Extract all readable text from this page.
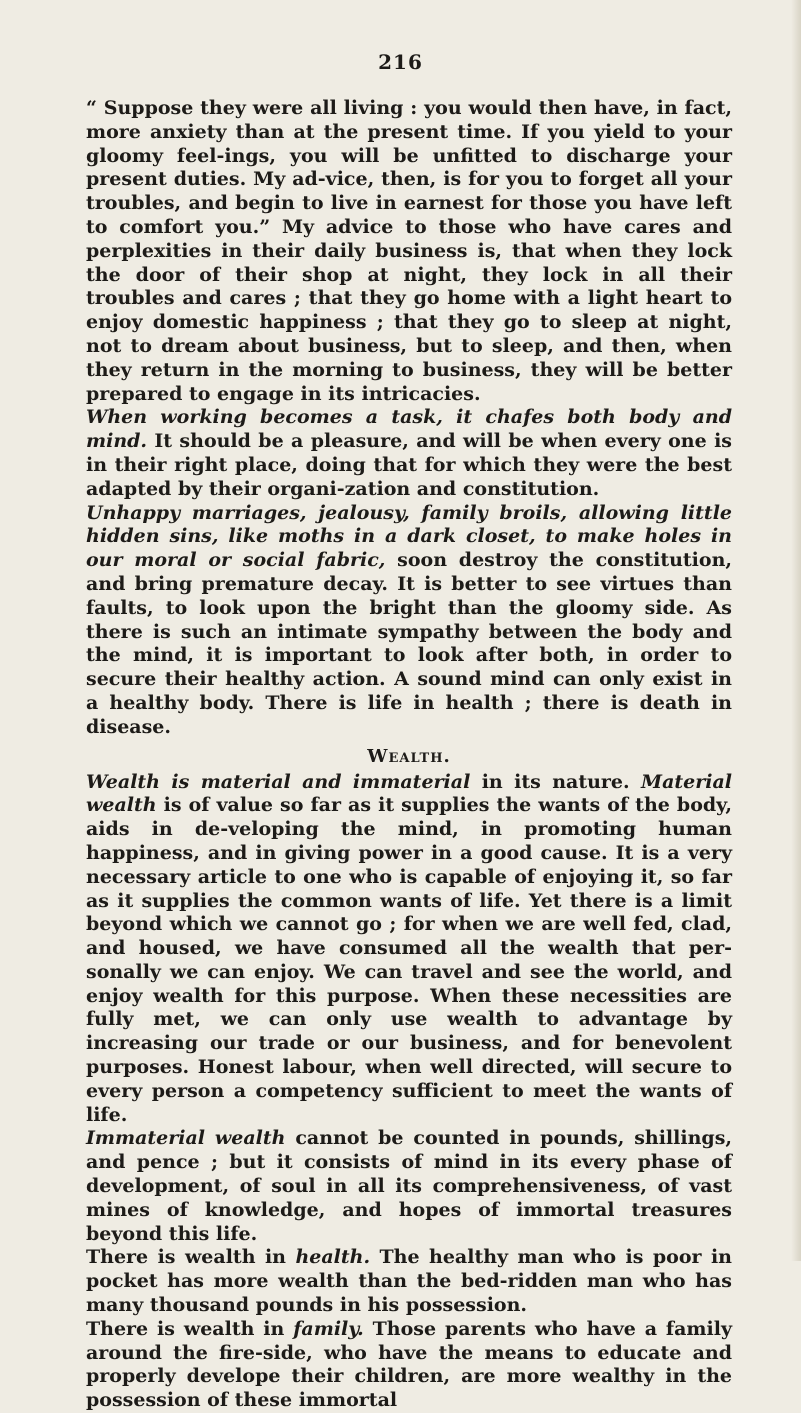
216

“ Suppose they were all living : you would then have, in fact, more anxiety than at the present time. If you yield to your gloomy feel-ings, you will be unfitted to discharge your present duties. My ad-vice, then, is for you to forget all your troubles, and begin to live in earnest for those you have left to comfort you.” My advice to those who have cares and perplexities in their daily business is, that when they lock the door of their shop at night, they lock in all their troubles and cares ; that they go home with a light heart to enjoy domestic happiness ; that they go to sleep at night, not to dream about business, but to sleep, and then, when they return in the morning to business, they will be better prepared to engage in its intricacies.

When working becomes a task, it chafes both body and mind. It should be a pleasure, and will be when every one is in their right place, doing that for which they were the best adapted by their organi-zation and constitution.

Unhappy marriages, jealousy, family broils, allowing little hidden sins, like moths in a dark closet, to make holes in our moral or social fabric, soon destroy the constitution, and bring premature decay. It is better to see virtues than faults, to look upon the bright than the gloomy side. As there is such an intimate sympathy between the body and the mind, it is important to look after both, in order to secure their healthy action. A sound mind can only exist in a healthy body. There is life in health ; there is death in disease.

Wealth.

Wealth is material and immaterial in its nature. Material wealth is of value so far as it supplies the wants of the body, aids in de-veloping the mind, in promoting human happiness, and in giving power in a good cause. It is a very necessary article to one who is capable of enjoying it, so far as it supplies the common wants of life. Yet there is a limit beyond which we cannot go ; for when we are well fed, clad, and housed, we have consumed all the wealth that per-sonally we can enjoy. We can travel and see the world, and enjoy wealth for this purpose. When these necessities are fully met, we can only use wealth to advantage by increasing our trade or our business, and for benevolent purposes. Honest labour, when well directed, will secure to every person a competency sufficient to meet the wants of life.

Immaterial wealth cannot be counted in pounds, shillings, and pence ; but it consists of mind in its every phase of development, of soul in all its comprehensiveness, of vast mines of knowledge, and hopes of immortal treasures beyond this life.

There is wealth in health. The healthy man who is poor in pocket has more wealth than the bed-ridden man who has many thousand pounds in his possession.

There is wealth in family. Those parents who have a family around the fire-side, who have the means to educate and properly develope their children, are more wealthy in the possession of these immortal
